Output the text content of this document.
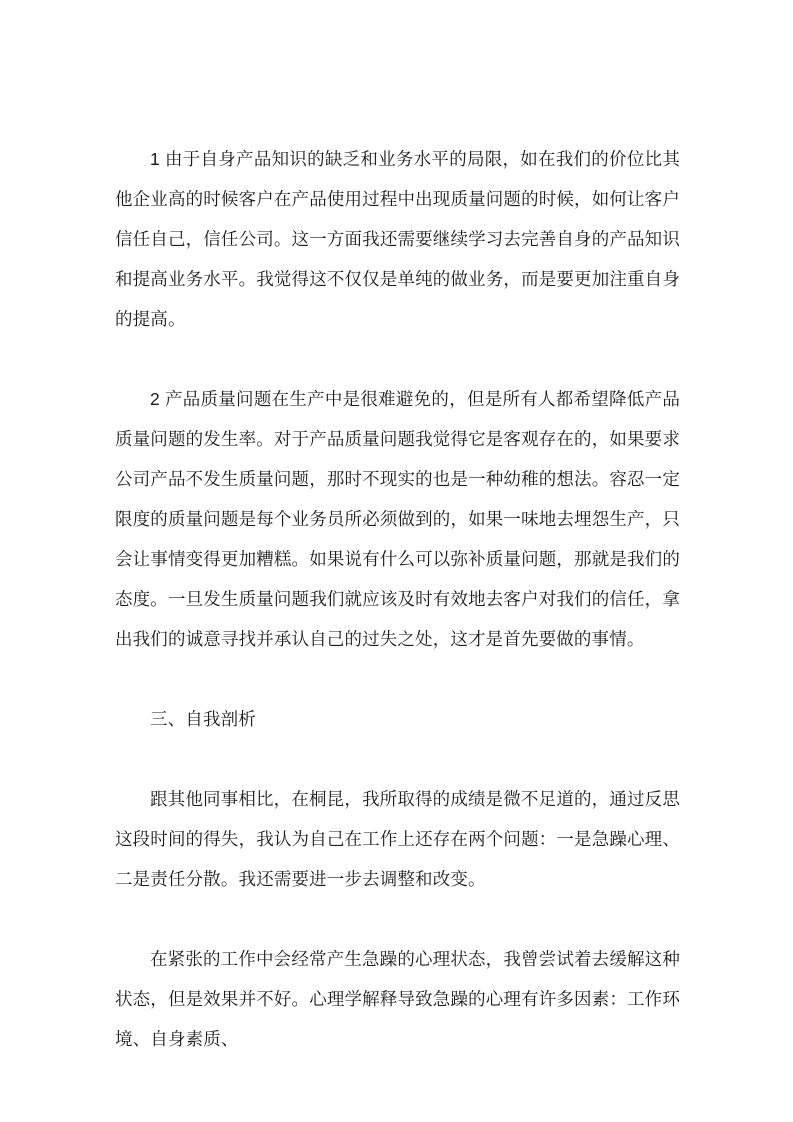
1 由于自身产品知识的缺乏和业务水平的局限，如在我们的价位比其他企业高的时候客户在产品使用过程中出现质量问题的时候，如何让客户信任自己，信任公司。这一方面我还需要继续学习去完善自身的产品知识和提高业务水平。我觉得这不仅仅是单纯的做业务，而是要更加注重自身的提高。

2 产品质量问题在生产中是很难避免的，但是所有人都希望降低产品质量问题的发生率。对于产品质量问题我觉得它是客观存在的，如果要求公司产品不发生质量问题，那时不现实的也是一种幼稚的想法。容忍一定限度的质量问题是每个业务员所必须做到的，如果一味地去埋怨生产，只会让事情变得更加糟糕。如果说有什么可以弥补质量问题，那就是我们的态度。一旦发生质量问题我们就应该及时有效地去客户对我们的信任，拿出我们的诚意寻找并承认自己的过失之处，这才是首先要做的事情。

三、自我剖析

跟其他同事相比，在桐昆，我所取得的成绩是微不足道的，通过反思这段时间的得失，我认为自己在工作上还存在两个问题：一是急躁心理、二是责任分散。我还需要进一步去调整和改变。

在紧张的工作中会经常产生急躁的心理状态，我曾尝试着去缓解这种状态，但是效果并不好。心理学解释导致急躁的心理有许多因素：工作环境、自身素质、
